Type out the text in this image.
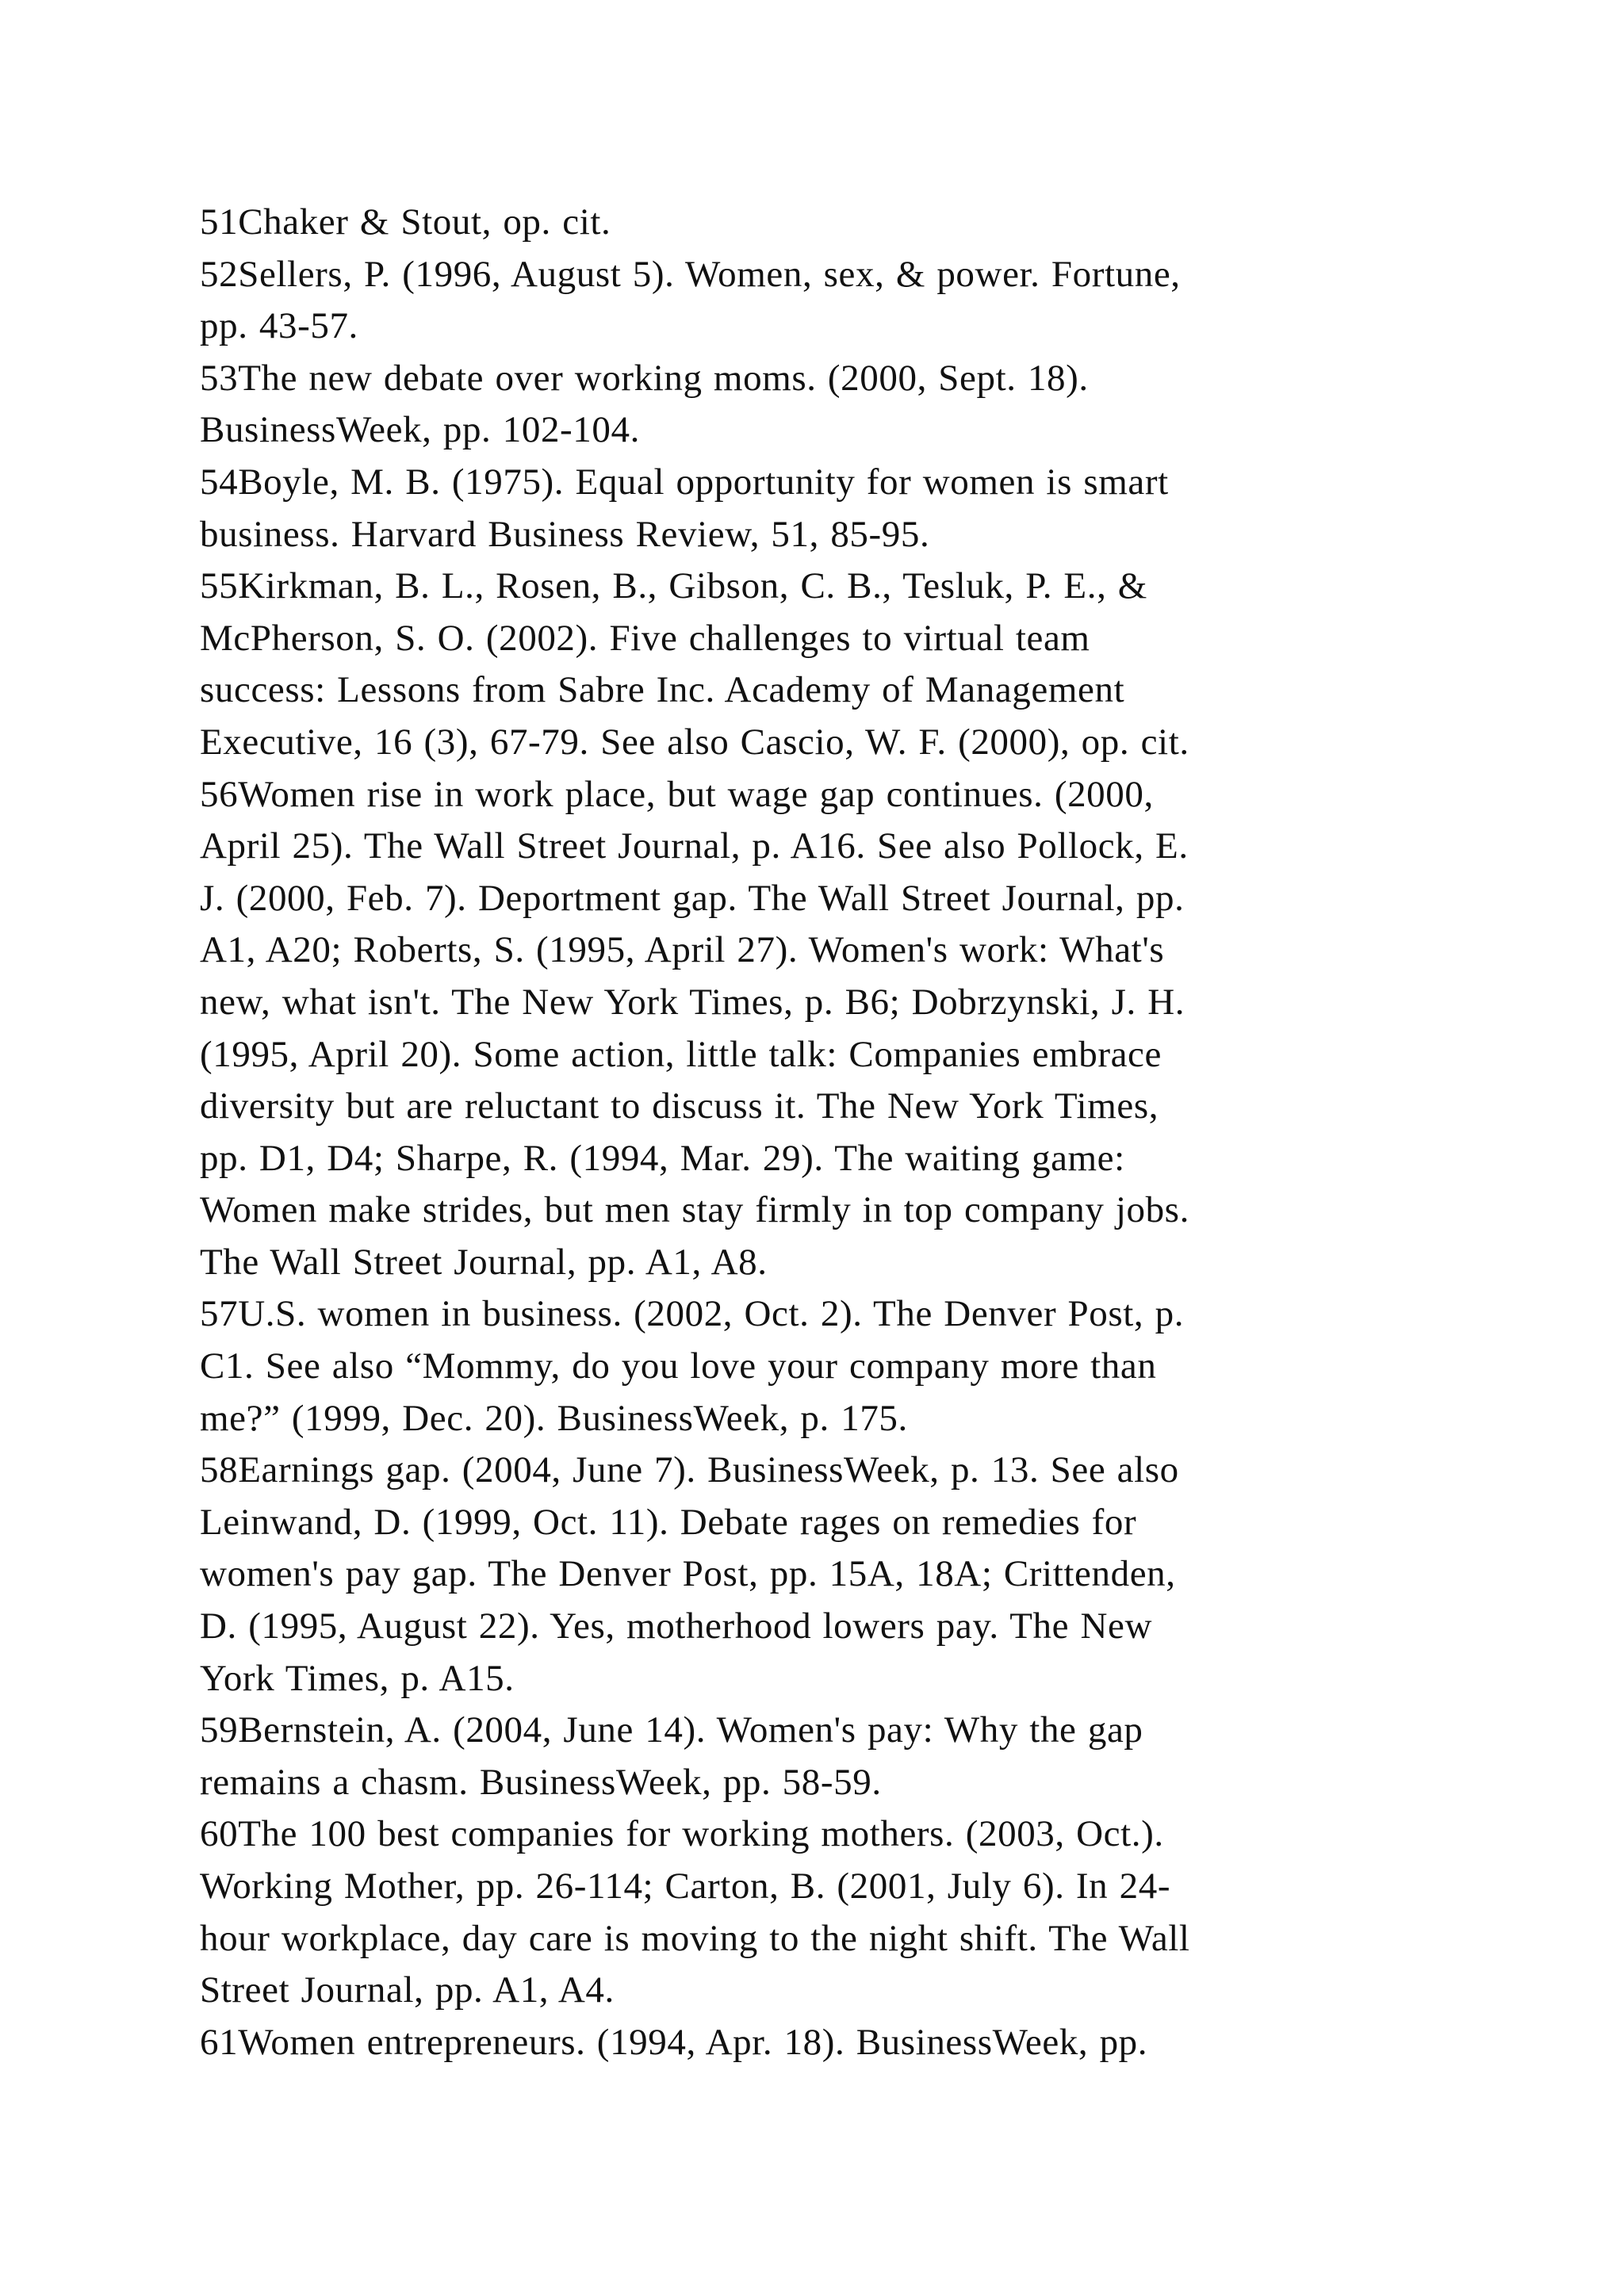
51Chaker & Stout, op. cit.
52Sellers, P. (1996, August 5). Women, sex, & power. Fortune,
pp. 43-57.
53The new debate over working moms. (2000, Sept. 18).
BusinessWeek, pp. 102-104.
54Boyle, M. B. (1975). Equal opportunity for women is smart
business. Harvard Business Review, 51, 85-95.
55Kirkman, B. L., Rosen, B., Gibson, C. B., Tesluk, P. E., &
McPherson, S. O. (2002). Five challenges to virtual team
success: Lessons from Sabre Inc. Academy of Management
Executive, 16 (3), 67-79. See also Cascio, W. F. (2000), op. cit.
56Women rise in work place, but wage gap continues. (2000,
April 25). The Wall Street Journal, p. A16. See also Pollock, E.
J. (2000, Feb. 7). Deportment gap. The Wall Street Journal, pp.
A1, A20; Roberts, S. (1995, April 27). Women's work: What's
new, what isn't. The New York Times, p. B6; Dobrzynski, J. H.
(1995, April 20). Some action, little talk: Companies embrace
diversity but are reluctant to discuss it. The New York Times,
pp. D1, D4; Sharpe, R. (1994, Mar. 29). The waiting game:
Women make strides, but men stay firmly in top company jobs.
The Wall Street Journal, pp. A1, A8.
57U.S. women in business. (2002, Oct. 2). The Denver Post, p.
C1. See also “Mommy, do you love your company more than
me?” (1999, Dec. 20). BusinessWeek, p. 175.
58Earnings gap. (2004, June 7). BusinessWeek, p. 13. See also
Leinwand, D. (1999, Oct. 11). Debate rages on remedies for
women's pay gap. The Denver Post, pp. 15A, 18A; Crittenden,
D. (1995, August 22). Yes, motherhood lowers pay. The New
York Times, p. A15.
59Bernstein, A. (2004, June 14). Women's pay: Why the gap
remains a chasm. BusinessWeek, pp. 58-59.
60The 100 best companies for working mothers. (2003, Oct.).
Working Mother, pp. 26-114; Carton, B. (2001, July 6). In 24-
hour workplace, day care is moving to the night shift. The Wall
Street Journal, pp. A1, A4.
61Women entrepreneurs. (1994, Apr. 18). BusinessWeek, pp.
